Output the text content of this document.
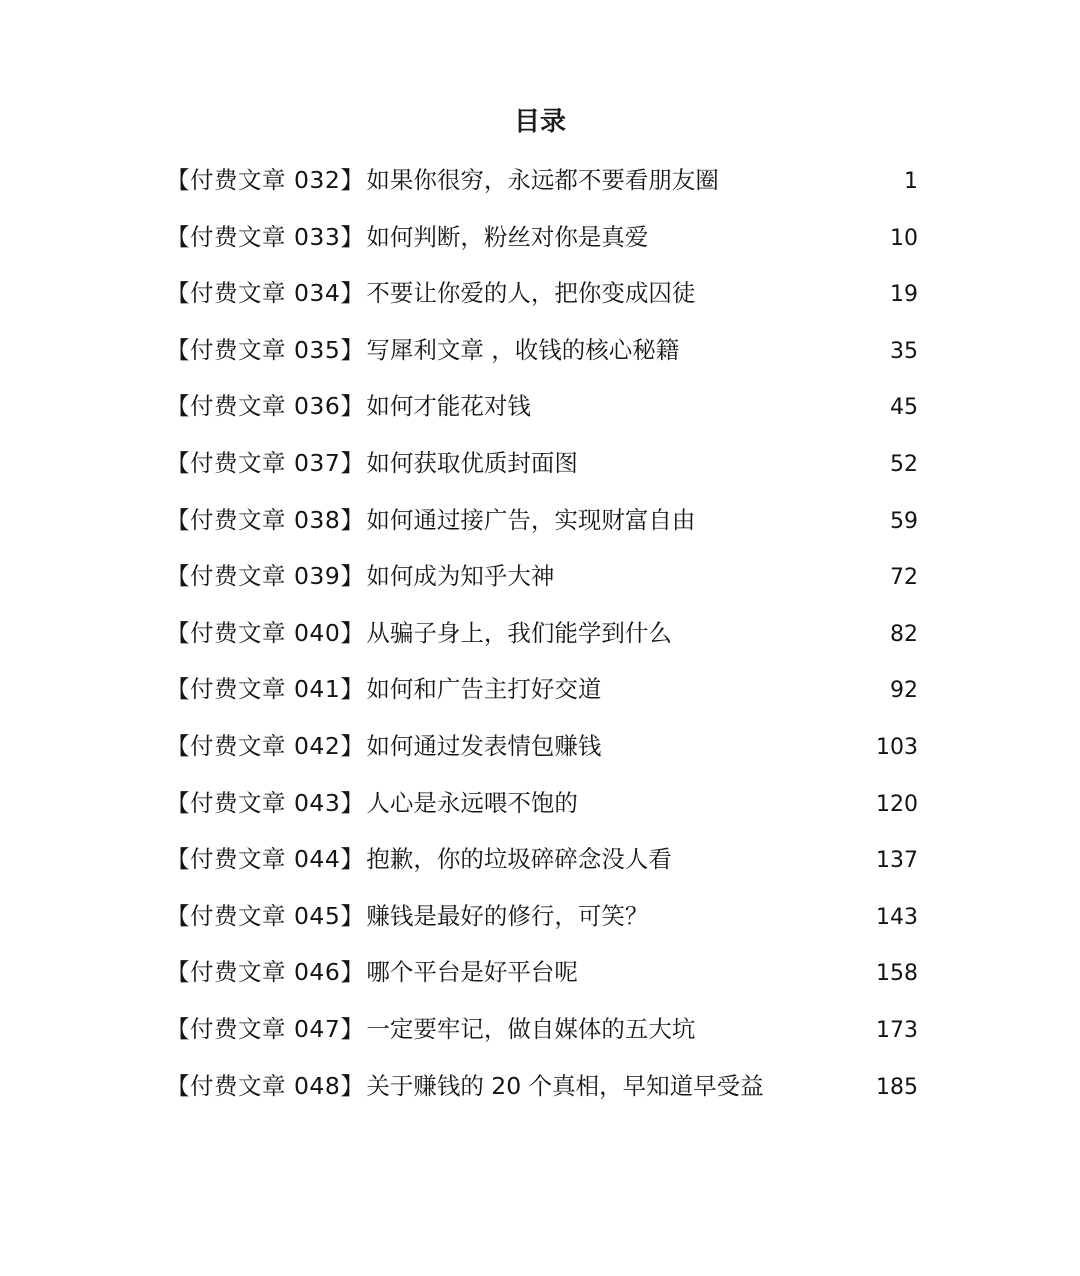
目录
【付费文章 032】 如果你很穷，永远都不要看朋友圈	1
【付费文章 033】 如何判断，粉丝对你是真爱	10
【付费文章 034】 不要让你爱的人，把你变成囚徒	19
【付费文章 035】 写犀利文章 ，收钱的核心秘籍	35
【付费文章 036】 如何才能花对钱	45
【付费文章 037】 如何获取优质封面图	52
【付费文章 038】 如何通过接广告，实现财富自由	59
【付费文章 039】 如何成为知乎大神	72
【付费文章 040】 从骗子身上，我们能学到什么	82
【付费文章 041】 如何和广告主打好交道	92
【付费文章 042】 如何通过发表情包赚钱	103
【付费文章 043】 人心是永远喂不饱的	120
【付费文章 044】 抱歉，你的垃圾碎碎念没人看	137
【付费文章 045】 赚钱是最好的修行，可笑？	143
【付费文章 046】 哪个平台是好平台呢	158
【付费文章 047】 一定要牢记，做自媒体的五大坑	173
【付费文章 048】 关于赚钱的 20 个真相，早知道早受益	185
